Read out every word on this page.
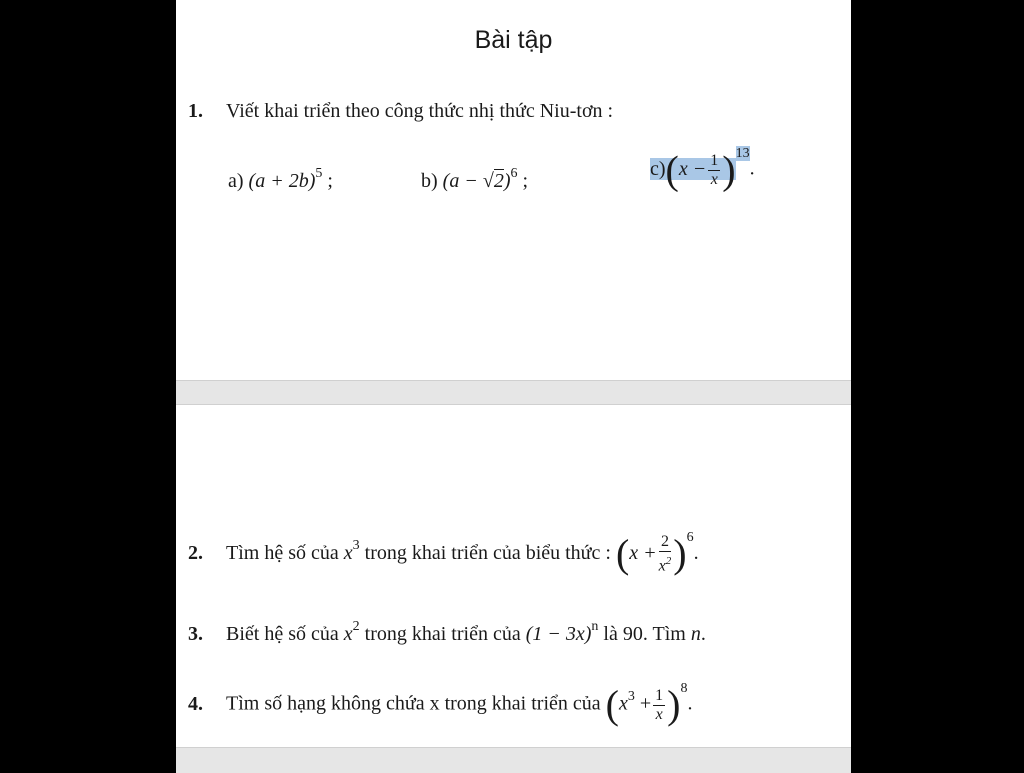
Bài tập
1. Viết khai triển theo công thức nhị thức Niu-tơn :
a) $(a + 2b)^5$ ;	b) $(a - √2)^6$ ;
$c)(x - \frac{1}{x} )^{13}$.
2. Tìm hệ số của $x^3$ trong khai triển của biểu thức : $(x + \frac{2}{x^2} )^6$.
3. Biết hệ số của $x^2$ trong khai triển của $(1 - 3x)^n$ là 90. Tìm n.
4. Tìm số hạng không chứa x trong khai triển của $(x^3 + \frac{1}{x} )^8$.
